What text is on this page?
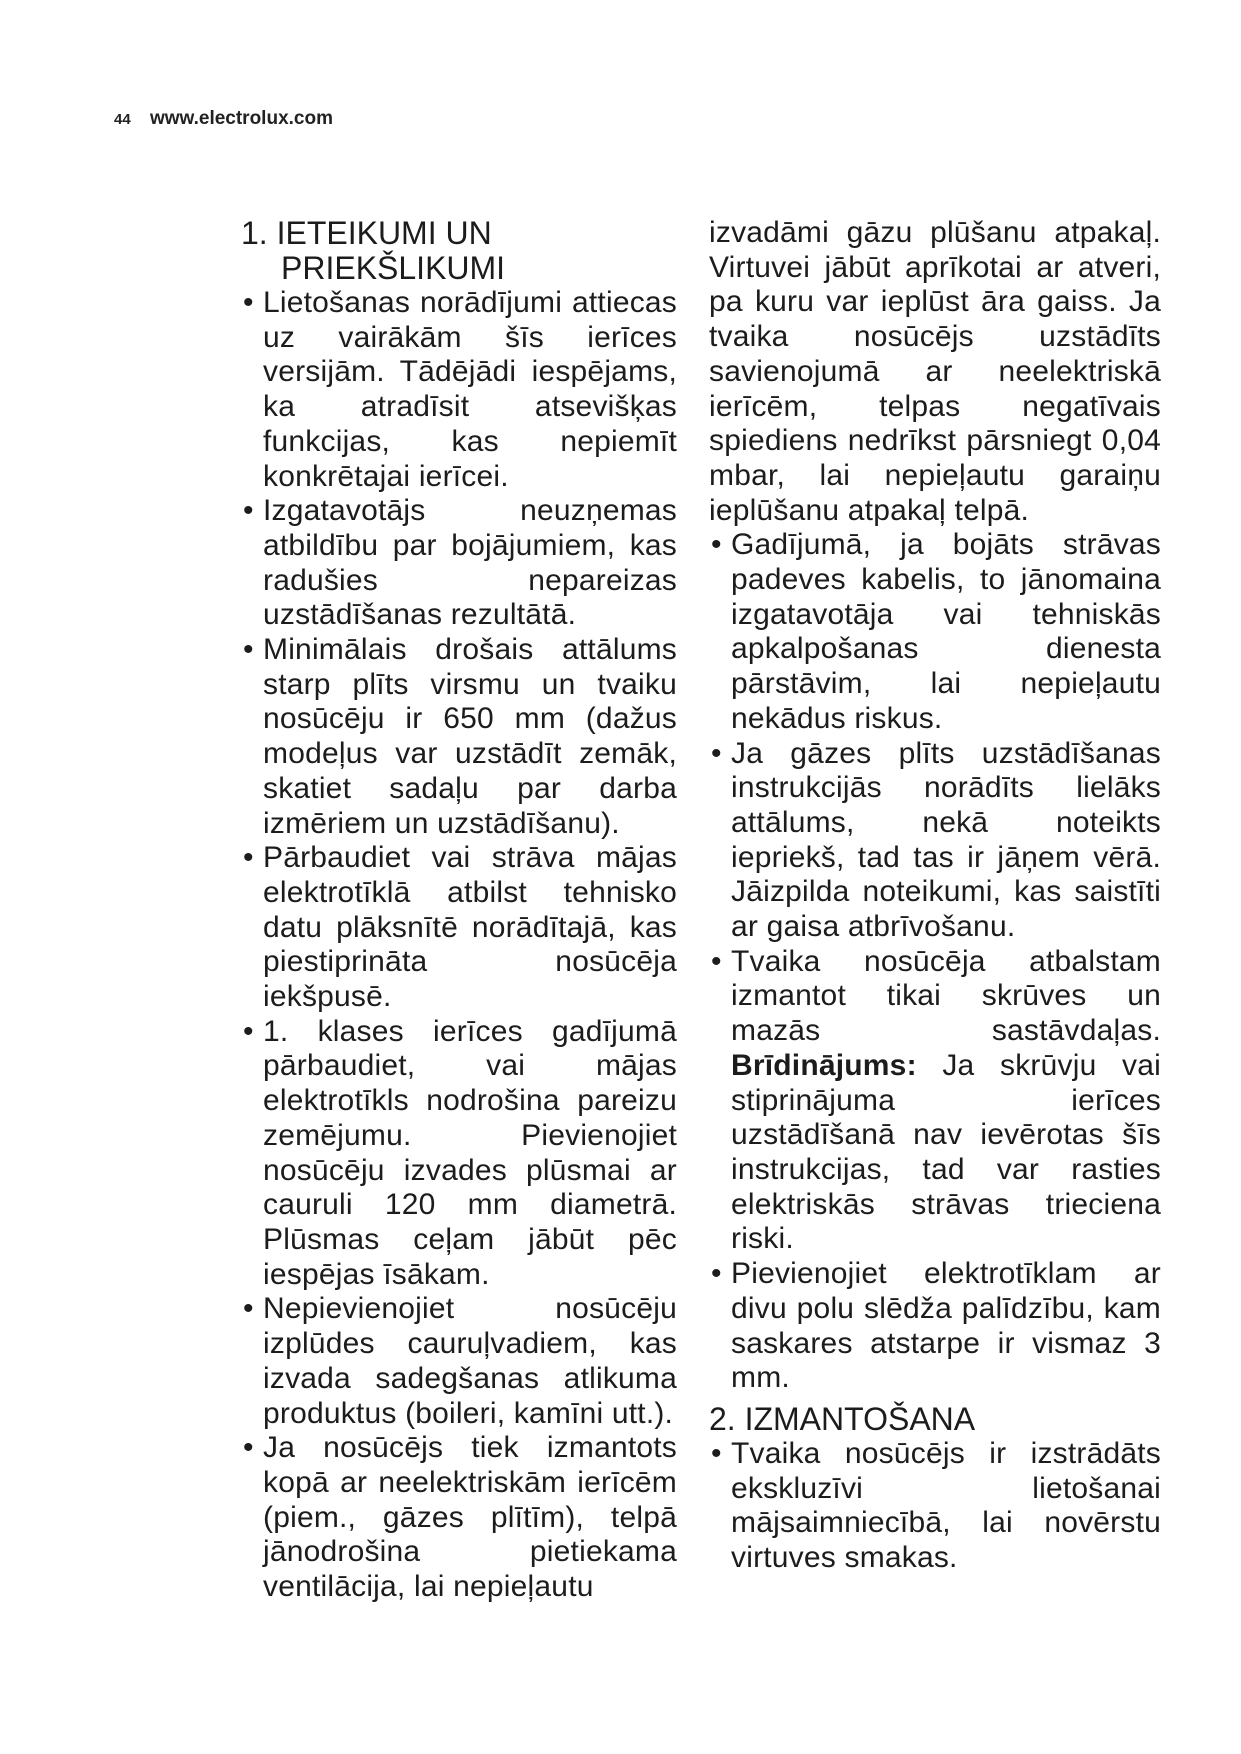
44 www.electrolux.com
1. IETEIKUMI UN PRIEKŠLIKUMI
• Lietošanas norādījumi attiecas uz vairākām šīs ierīces versijām. Tādējādi iespējams, ka atradīsit atsevišķas funkcijas, kas nepiemīt konkrētajai ierīcei.
• Izgatavotājs neuzņemas atbildību par bojājumiem, kas radušies nepareizas uzstādīšanas rezultātā.
• Minimālais drošais attālums starp plīts virsmu un tvaiku nosūcēju ir 650 mm (dažus modeļus var uzstādīt zemāk, skatiet sadaļu par darba izmēriem un uzstādīšanu).
• Pārbaudiet vai strāva mājas elektrotīklā atbilst tehnisko datu plāksnītē norādītajā, kas piestiprināta nosūcēja iekšpusē.
• 1. klases ierīces gadījumā pārbaudiet, vai mājas elektrotīkls nodrošina pareizu zemējumu. Pievienojiet nosūcēju izvades plūsmai ar cauruli 120 mm diametrā. Plūsmas ceļam jābūt pēc iespējas īsākam.
• Nepievienojiet nosūcēju izplūdes cauruļvadiem, kas izvada sadegšanas atlikuma produktus (boileri, kamīni utt.).
• Ja nosūcējs tiek izmantots kopā ar neelektriskām ierīcēm (piem., gāzes plītīm), telpā jānodrošina pietiekama ventilācija, lai nepieļautu

izvadāmi gāzu plūšanu atpakaļ. Virtuvei jābūt aprīkotai ar atveri, pa kuru var ieplūst āra gaiss. Ja tvaika nosūcējs uzstādīts savienojumā ar neelektriskā ierīcēm, telpas negatīvais spiediens nedrīkst pārsniegt 0,04 mbar, lai nepieļautu garaiņu ieplūšanu atpakaļ telpā.

• Gadījumā, ja bojāts strāvas padeves kabelis, to jānomaina izgatavotāja vai tehniskās apkalpošanas dienesta pārstāvim, lai nepieļautu nekādus riskus.
• Ja gāzes plīts uzstādīšanas instrukcijās norādīts lielāks attālums, nekā noteikts iepriekš, tad tas ir jāņem vērā. Jāizpilda noteikumi, kas saistīti ar gaisa atbrīvošanu.
• Tvaika nosūcēja atbalstam izmantot tikai skrūves un mazās sastāvdaļas. Brīdinājums: Ja skrūvju vai stiprinājuma ierīces uzstādīšanā nav ievērotas šīs instrukcijas, tad var rasties elektriskās strāvas trieciena riski.
• Pievienojiet elektrotīklam ar divu polu slēdža palīdzību, kam saskares atstarpe ir vismaz 3 mm.
2. IZMANTOŠANA
• Tvaika nosūcējs ir izstrādāts ekskluzīvi lietošanai mājsaimniecībā, lai novērstu virtuves smakas.
